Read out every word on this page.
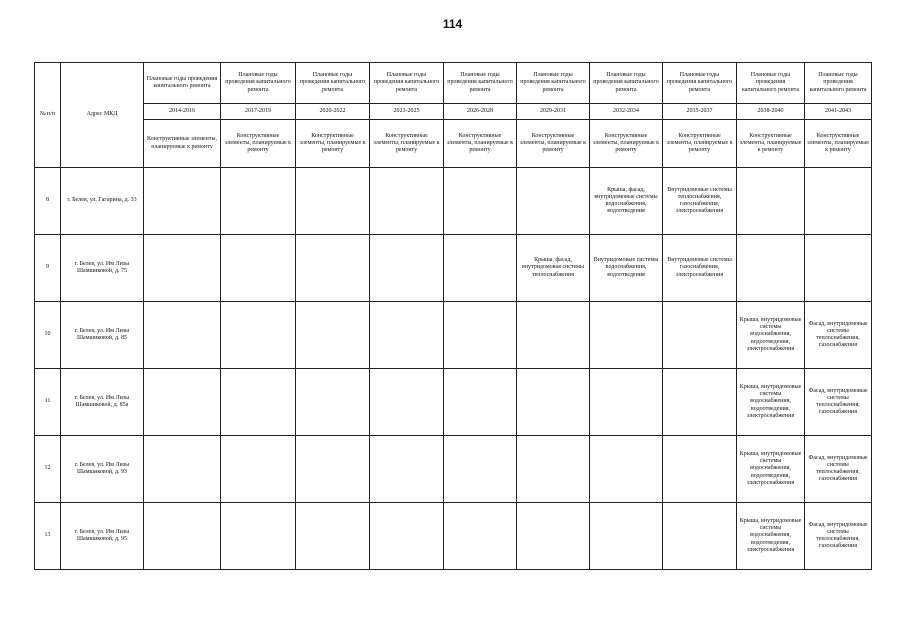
114
№ п/п	Адрес МКД	Плановые годы проведения капитального ремонта	Плановые годы проведения капитального ремонта	Плановые годы проведения капитального ремонта	Плановые годы проведения капитального ремонта	Плановые годы проведения капитального ремонта	Плановые годы проведения капитального ремонта	Плановые годы проведения капитального ремонта	Плановые годы проведения капитального ремонта	Плановые годы проведения капитального ремонта	Плановые годы проведения капитального ремонта
		2014-2016	2017-2019	2020-2022	2023-2025	2026-2028	2029-2031	2032-2034	2035-2037	2038-2040	2041-2043
		Конструктивные элементы, планируемые к ремонту	Конструктивные элементы, планируемые к ремонту	Конструктивные элементы, планируемые к ремонту	Конструктивные элементы, планируемые к ремонту	Конструктивные элементы, планируемые к ремонту	Конструктивные элементы, планируемые к ремонту	Конструктивные элементы, планируемые к ремонту	Конструктивные элементы, планируемые к ремонту	Конструктивные элементы, планируемые к ремонту	Конструктивные элементы, планируемые к ремонту
8	г. Белев, ул. Гагарина, д. 33							Крыша, фасад, внутридомовые системы водоснабжения, водоотведения	Внутридомовые системы теплоснабжения, газоснабжения, электроснабжения		
9	г. Белев, ул. Им Лизы Шамшиковой, д. 75						Крыша, фасад, внутридомовая системы теплоснабжения	Внутридомовые системы водоснабжения, водоотведения	Внутридомовые системы газоснабжения, электроснабжения		
10	г. Белев, ул. Им Лизы Шамшиковой, д. 85									Крыша, внутридомовые системы водоснабжения, водоотведения, электроснабжения	Фасад, внутридомовые системы теплоснабжения, газоснабжения
11	г. Белев, ул. Им Лизы Шамшиковой, д. 85а									Крыша, внутридомовые системы водоснабжения, водоотведения, электроснабжения	Фасад, внутридомовые системы теплоснабжения, газоснабжения
12	г. Белев, ул. Им Лизы Шамшиковой, д. 93									Крыша, внутридомовые системы водоснабжения, водоотведения, электроснабжения	Фасад, внутридомовые системы теплоснабжения, газоснабжения
13	г. Белев, ул. Им Лизы Шамшиковой, д. 95									Крыша, внутридомовые системы водоснабжения, водоотведения, электроснабжения	Фасад, внутридомовые системы теплоснабжения, газоснабжения
